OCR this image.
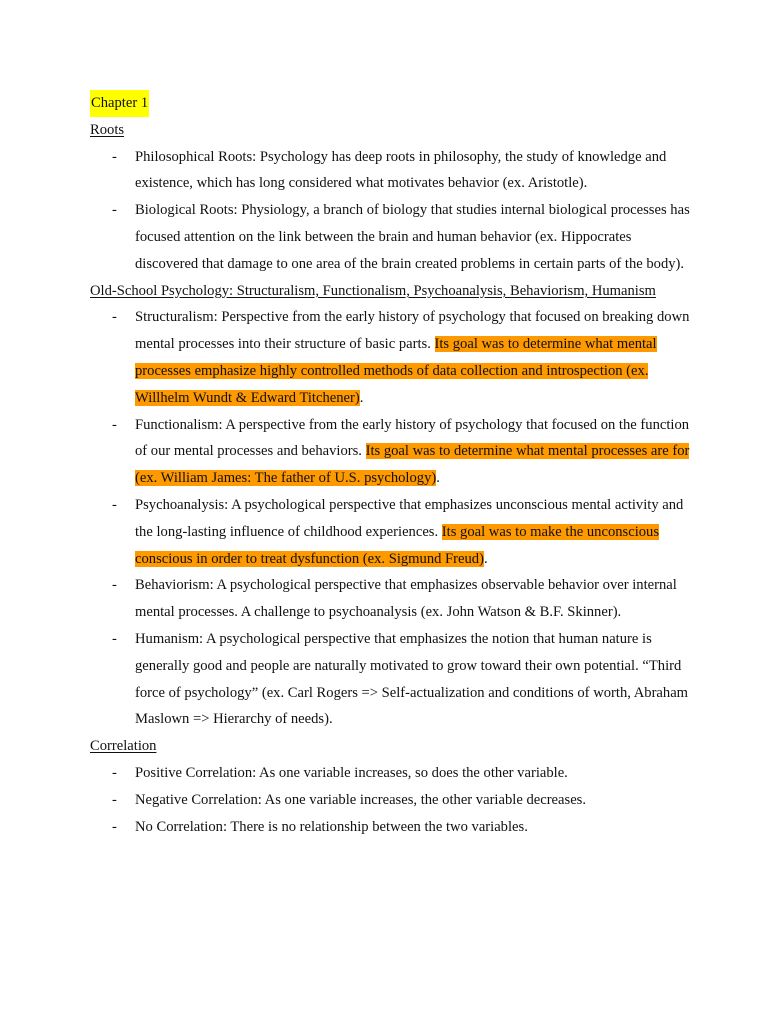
Chapter 1
Roots
- Philosophical Roots: Psychology has deep roots in philosophy, the study of knowledge and existence, which has long considered what motivates behavior (ex. Aristotle).
- Biological Roots: Physiology, a branch of biology that studies internal biological processes has focused attention on the link between the brain and human behavior (ex. Hippocrates discovered that damage to one area of the brain created problems in certain parts of the body).
Old-School Psychology: Structuralism, Functionalism, Psychoanalysis, Behaviorism, Humanism
- Structuralism: Perspective from the early history of psychology that focused on breaking down mental processes into their structure of basic parts. Its goal was to determine what mental processes emphasize highly controlled methods of data collection and introspection (ex. Willhelm Wundt & Edward Titchener).
- Functionalism: A perspective from the early history of psychology that focused on the function of our mental processes and behaviors. Its goal was to determine what mental processes are for (ex. William James: The father of U.S. psychology).
- Psychoanalysis: A psychological perspective that emphasizes unconscious mental activity and the long-lasting influence of childhood experiences. Its goal was to make the unconscious conscious in order to treat dysfunction (ex. Sigmund Freud).
- Behaviorism: A psychological perspective that emphasizes observable behavior over internal mental processes. A challenge to psychoanalysis (ex. John Watson & B.F. Skinner).
- Humanism: A psychological perspective that emphasizes the notion that human nature is generally good and people are naturally motivated to grow toward their own potential. “Third force of psychology” (ex. Carl Rogers => Self-actualization and conditions of worth, Abraham Maslown => Hierarchy of needs).
Correlation
- Positive Correlation: As one variable increases, so does the other variable.
- Negative Correlation: As one variable increases, the other variable decreases.
- No Correlation: There is no relationship between the two variables.
